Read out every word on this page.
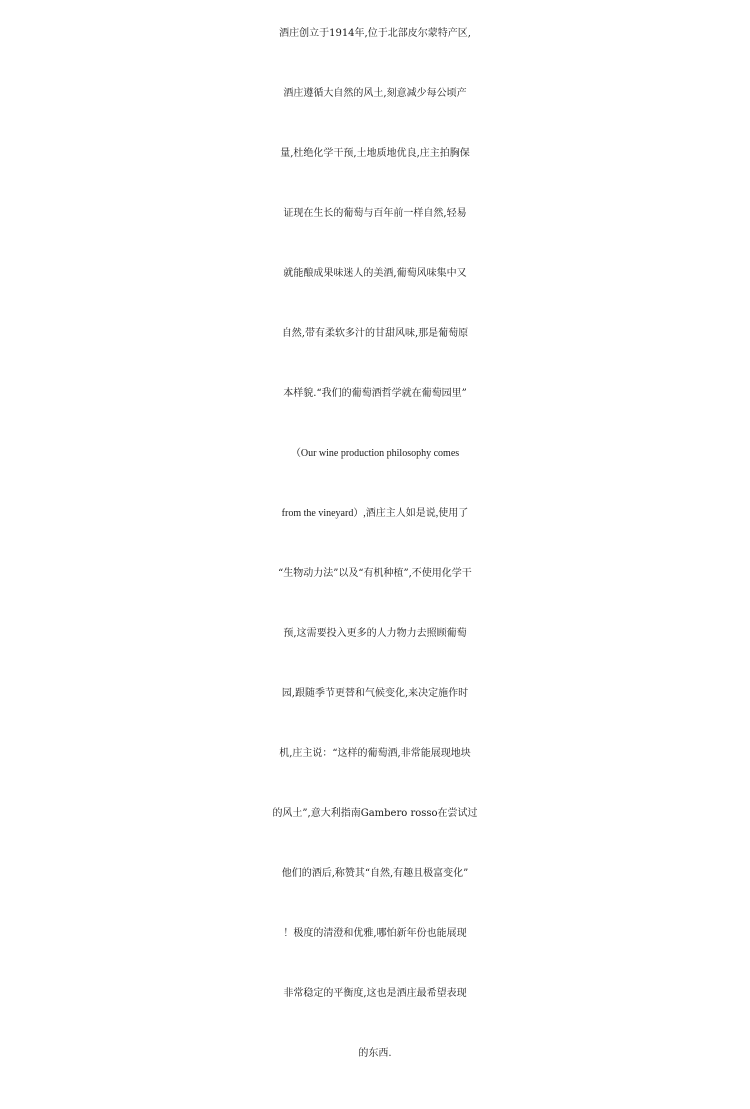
酒庄创立于1914年,位于北部皮尔蒙特产区,
酒庄遵循大自然的风土,刻意减少每公顷产
量,杜绝化学干预,土地质地优良,庄主拍胸保
证现在生长的葡萄与百年前一样自然,轻易
就能酿成果味迷人的美酒,葡萄风味集中又
自然,带有柔软多汁的甘甜风味,那是葡萄原
本样貌.“我们的葡萄酒哲学就在葡萄园里”
（Our wine production philosophy comes
from the vineyard）,酒庄主人如是说,使用了
“生物动力法”以及“有机种植”,不使用化学干
预,这需要投入更多的人力物力去照顾葡萄
园,跟随季节更替和气候变化,来决定施作时
机,庄主说：“这样的葡萄酒,非常能展现地块
的风土”,意大利指南Gambero rosso在尝试过
他们的酒后,称赞其“自然,有趣且极富变化”
！极度的清澄和优雅,哪怕新年份也能展现
非常稳定的平衡度,这也是酒庄最希望表现
的东西.
